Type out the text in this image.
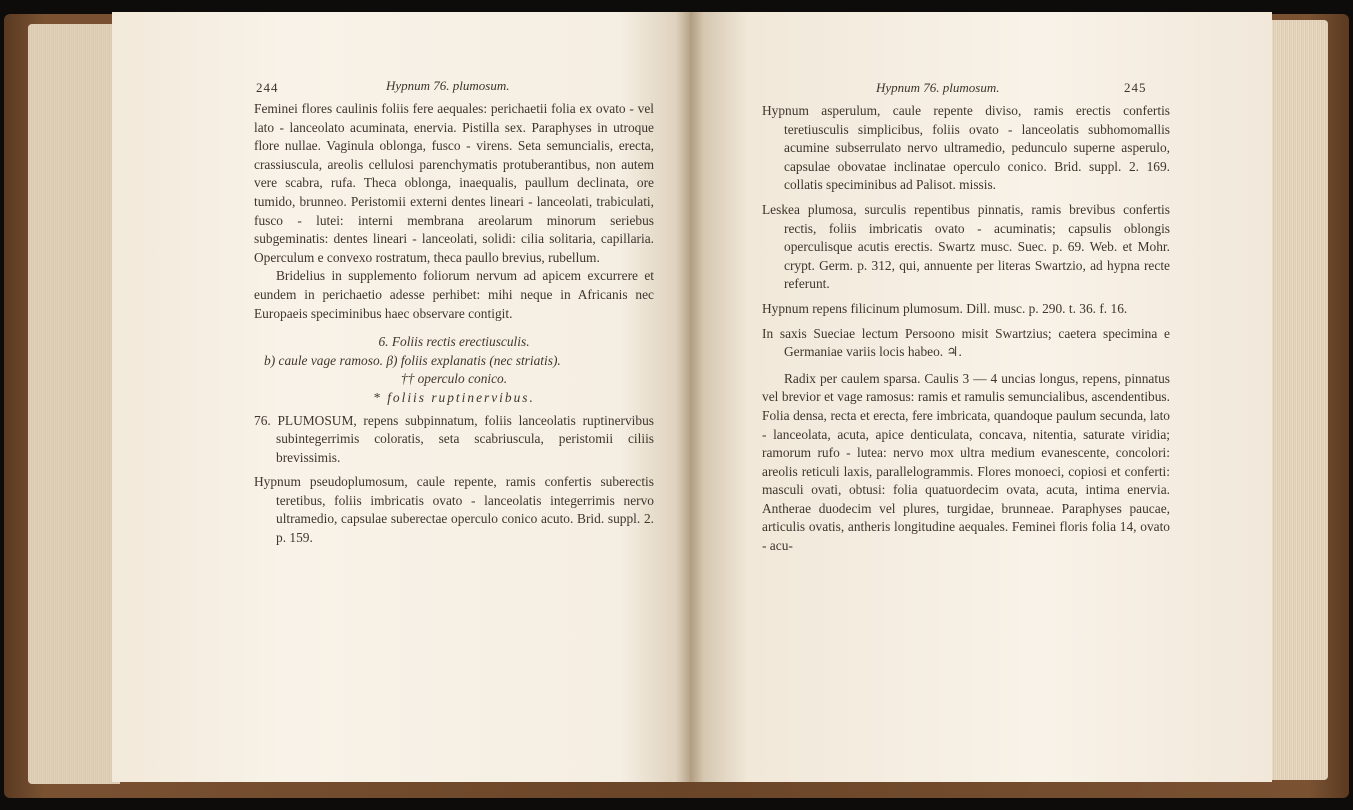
244	Hypnum 76. plumosum.

Feminei flores caulinis foliis fere aequales: perichaetii folia ex ovato - vel lato - lanceolato acuminata, enervia. Pistilla sex. Paraphyses in utroque flore nullae. Vaginula oblonga, fusco - virens. Seta semuncialis, erecta, crassiuscula, areolis cellulosi parenchymatis protuberantibus, non autem vere scabra, rufa. Theca oblonga, inaequalis, paullum declinata, ore tumido, brunneo. Peristomii externi dentes lineari - lanceolati, trabiculati, fusco - lutei: interni membrana areolarum minorum seriebus subgeminatis: dentes lineari - lanceolati, solidi: cilia solitaria, capillaria. Operculum e convexo rostratum, theca paullo brevius, rubellum.

Bridelius in supplemento foliorum nervum ad apicem excurrere et eundem in perichaetio adesse perhibet: mihi neque in Africanis nec Europaeis speciminibus haec observare contigit.

6. Foliis rectis erectiusculis.

b) caule vage ramoso. β) foliis explanatis (nec striatis).

†† operculo conico.

* foliis ruptinervibus.

76. PLUMOSUM, repens subpinnatum, foliis lanceolatis ruptinervibus subintegerrimis coloratis, seta scabriuscula, peristomii ciliis brevissimis.

Hypnum pseudoplumosum, caule repente, ramis confertis suberectis teretibus, foliis imbricatis ovato - lanceolatis integerrimis nervo ultramedio, capsulae suberectae operculo conico acuto. Brid. suppl. 2. p. 159.

Hypnum 76. plumosum.	245

Hypnum asperulum, caule repente diviso, ramis erectis confertis teretiusculis simplicibus, foliis ovato - lanceolatis subhomomallis acumine subserrulato nervo ultramedio, pedunculo superne asperulo, capsulae obovatae inclinatae operculo conico. Brid. suppl. 2. 169. collatis speciminibus ad Palisot. missis.

Leskea plumosa, surculis repentibus pinnatis, ramis brevibus confertis rectis, foliis imbricatis ovato - acuminatis; capsulis oblongis operculisque acutis erectis. Swartz musc. Suec. p. 69. Web. et Mohr. crypt. Germ. p. 312, qui, annuente per literas Swartzio, ad hypna recte referunt.

Hypnum repens filicinum plumosum. Dill. musc. p. 290. t. 36. f. 16.

In saxis Sueciae lectum Persoono misit Swartzius; caetera specimina e Germaniae variis locis habeo. ♃.

Radix per caulem sparsa. Caulis 3 — 4 uncias longus, repens, pinnatus vel brevior et vage ramosus: ramis et ramulis semuncialibus, ascendentibus. Folia densa, recta et erecta, fere imbricata, quandoque paulum secunda, lato - lanceolata, acuta, apice denticulata, concava, nitentia, saturate viridia; ramorum rufo - lutea: nervo mox ultra medium evanescente, concolori: areolis reticuli laxis, parallelogrammis. Flores monoeci, copiosi et conferti: masculi ovati, obtusi: folia quatuordecim ovata, acuta, intima enervia. Antherae duodecim vel plures, turgidae, brunneae. Paraphyses paucae, articulis ovatis, antheris longitudine aequales. Feminei floris folia 14, ovato - acu-
